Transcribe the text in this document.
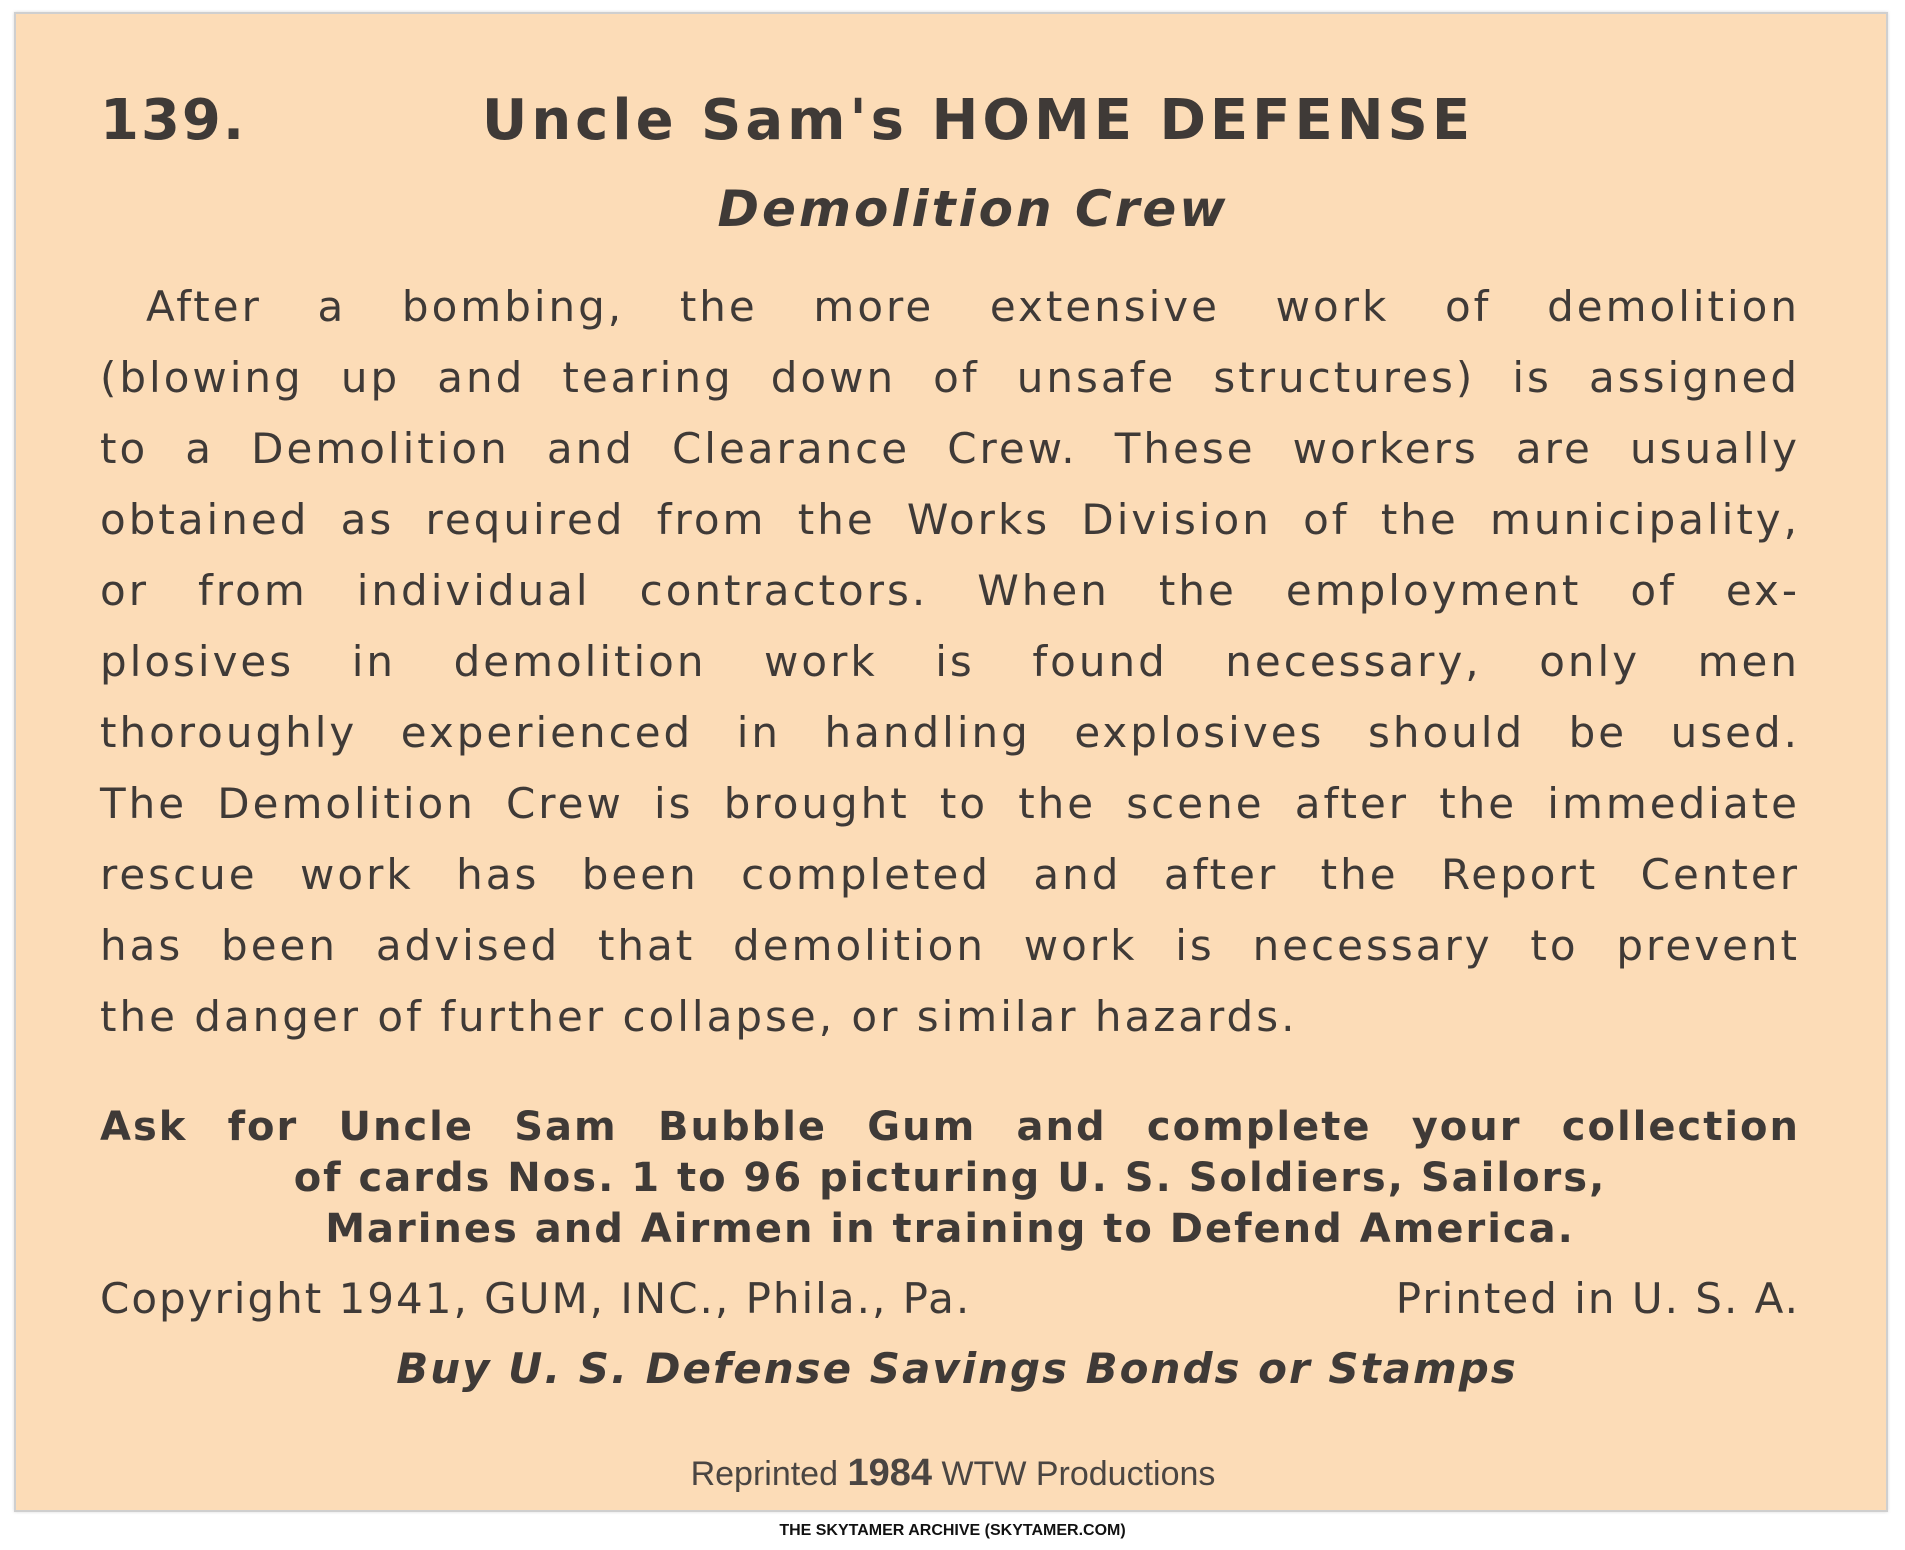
139.	Uncle Sam's HOME DEFENSE
Demolition Crew
After a bombing, the more extensive work of demolition
(blowing up and tearing down of unsafe structures) is assigned
to a Demolition and Clearance Crew. These workers are usually
obtained as required from the Works Division of the municipality,
or from individual contractors. When the employment of ex-
plosives in demolition work is found necessary, only men
thoroughly experienced in handling explosives should be used.
The Demolition Crew is brought to the scene after the immediate
rescue work has been completed and after the Report Center
has been advised that demolition work is necessary to prevent
the danger of further collapse, or similar hazards.
Ask for Uncle Sam Bubble Gum and complete your collection
of cards Nos. 1 to 96 picturing U. S. Soldiers, Sailors,
Marines and Airmen in training to Defend America.
Copyright 1941, GUM, INC., Phila., Pa.	Printed in U. S. A.
Buy U. S. Defense Savings Bonds or Stamps
Reprinted 1984 WTW Productions
THE SKYTAMER ARCHIVE (SKYTAMER.COM)
